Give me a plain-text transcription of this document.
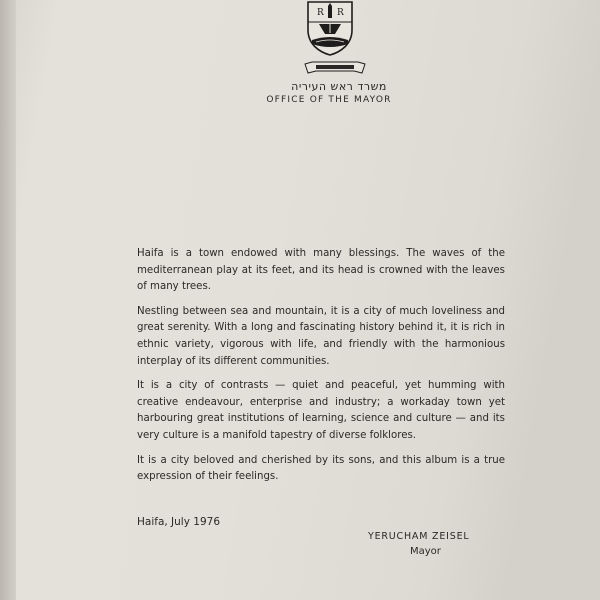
R R
משרד ראש העיריה
OFFICE OF THE MAYOR

Haifa is a town endowed with many blessings. The waves of the mediterranean play at its feet, and its head is crowned with the leaves of many trees.

Nestling between sea and mountain, it is a city of much loveliness and great serenity. With a long and fascinating history behind it, it is rich in ethnic variety, vigorous with life, and friendly with the harmonious interplay of its different communities.

It is a city of contrasts — quiet and peaceful, yet humming with creative endeavour, enterprise and industry; a workaday town yet harbouring great institutions of learning, science and culture — and its very culture is a manifold tapestry of diverse folklores.

It is a city beloved and cherished by its sons, and this album is a true expression of their feelings.

Haifa, July 1976
YERUCHAM ZEISEL
Mayor
